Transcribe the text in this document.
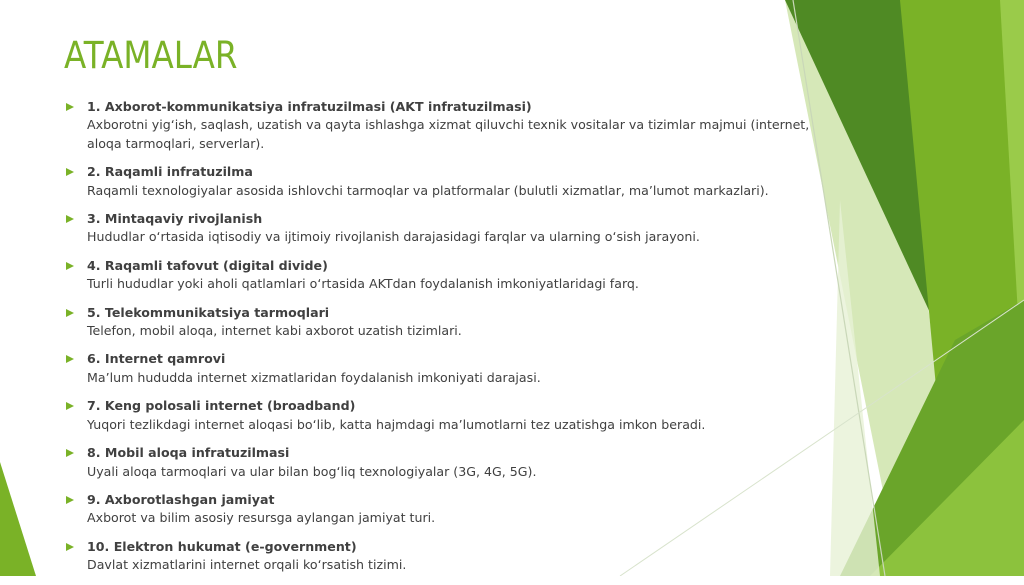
ATAMALAR
1. Axborot-kommunikatsiya infratuzilmasi (AKT infratuzilmasi)
Axborotni yig‘ish, saqlash, uzatish va qayta ishlashga xizmat qiluvchi texnik vositalar va tizimlar majmui (internet, aloqa tarmoqlari, serverlar).
2. Raqamli infratuzilma
Raqamli texnologiyalar asosida ishlovchi tarmoqlar va platformalar (bulutli xizmatlar, ma’lumot markazlari).
3. Mintaqaviy rivojlanish
Hududlar o‘rtasida iqtisodiy va ijtimoiy rivojlanish darajasidagi farqlar va ularning o‘sish jarayoni.
4. Raqamli tafovut (digital divide)
Turli hududlar yoki aholi qatlamlari o‘rtasida AKTdan foydalanish imkoniyatlaridagi farq.
5. Telekommunikatsiya tarmoqlari
Telefon, mobil aloqa, internet kabi axborot uzatish tizimlari.
6. Internet qamrovi
Ma’lum hududda internet xizmatlaridan foydalanish imkoniyati darajasi.
7. Keng polosali internet (broadband)
Yuqori tezlikdagi internet aloqasi bo‘lib, katta hajmdagi ma’lumotlarni tez uzatishga imkon beradi.
8. Mobil aloqa infratuzilmasi
Uyali aloqa tarmoqlari va ular bilan bog‘liq texnologiyalar (3G, 4G, 5G).
9. Axborotlashgan jamiyat
Axborot va bilim asosiy resursga aylangan jamiyat turi.
10. Elektron hukumat (e-government)
Davlat xizmatlarini internet orqali ko‘rsatish tizimi.
